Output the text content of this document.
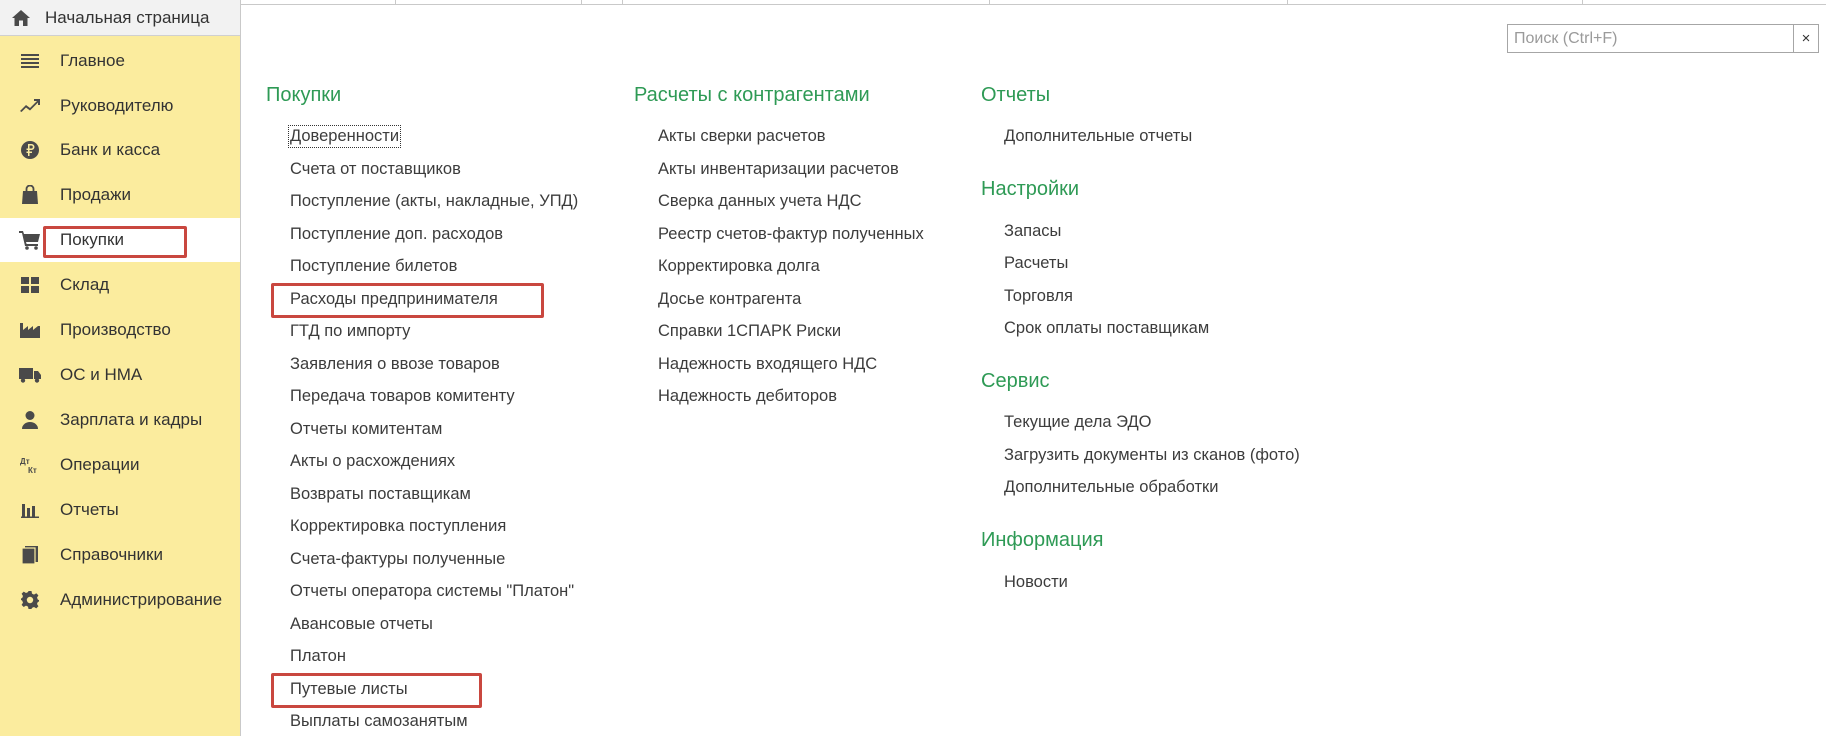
Начальная страница
Главное
Руководителю
Банк и касса
Продажи
Покупки
Склад
Производство
ОС и НМА
Зарплата и кадры
Дт
Кт Операции
Отчеты
Справочники
Администрирование
Поиск (Ctrl+F)
×
Покупки
Доверенности
Счета от поставщиков
Поступление (акты, накладные, УПД)
Поступление доп. расходов
Поступление билетов
Расходы предпринимателя
ГТД по импорту
Заявления о ввозе товаров
Передача товаров комитенту
Отчеты комитентам
Акты о расхождениях
Возвраты поставщикам
Корректировка поступления
Счета-фактуры полученные
Отчеты оператора системы "Платон"
Авансовые отчеты
Платон
Путевые листы
Выплаты самозанятым
Расчеты с контрагентами
Акты сверки расчетов
Акты инвентаризации расчетов
Сверка данных учета НДС
Реестр счетов-фактур полученных
Корректировка долга
Досье контрагента
Справки 1СПАРК Риски
Надежность входящего НДС
Надежность дебиторов
Отчеты
Дополнительные отчеты
Настройки
Запасы
Расчеты
Торговля
Срок оплаты поставщикам
Сервис
Текущие дела ЭДО
Загрузить документы из сканов (фото)
Дополнительные обработки
Информация
Новости
